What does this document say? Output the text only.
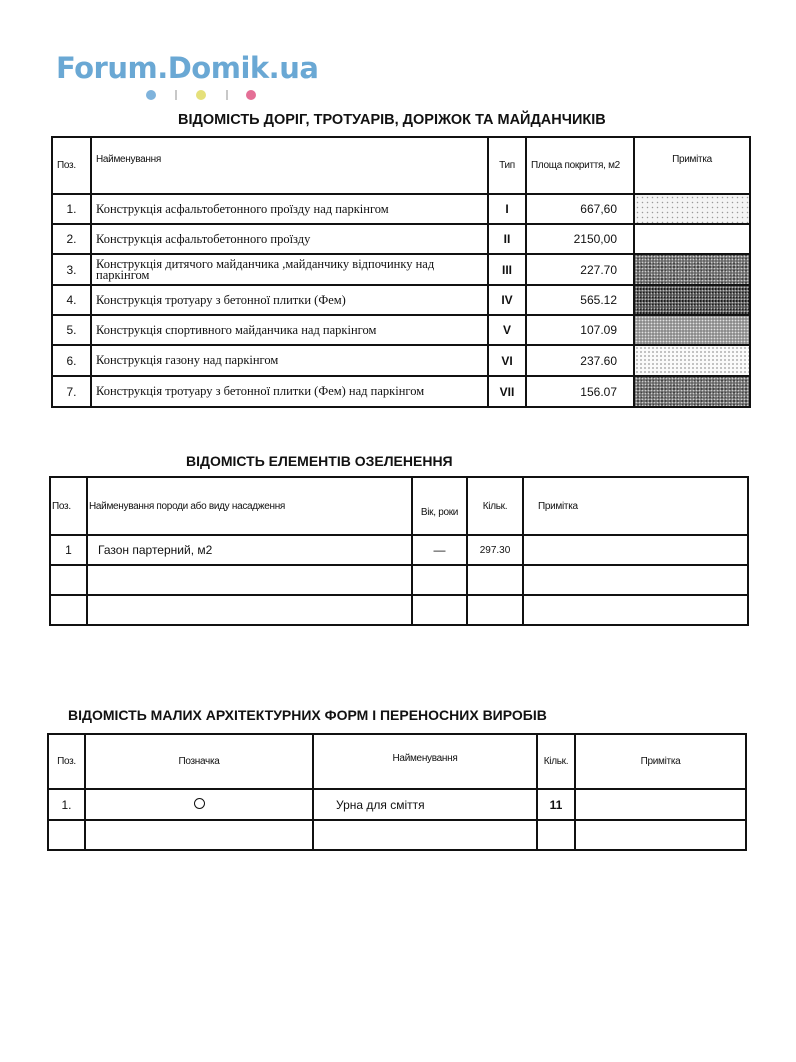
Forum.Domik.ua
ВІДОМІСТЬ ДОРІГ, ТРОТУАРІВ, ДОРІЖОК ТА МАЙДАНЧИКІВ
Поз.	Найменування	Тип	Площа покриття, м2	Примітка
1.	Конструкція асфальтобетонного проїзду над паркінгом	I	667,60	
2.	Конструкція асфальтобетонного проїзду	II	2150,00	
3.	Конструкція дитячого майданчика ,майданчику відпочинку над паркінгом	III	227.70	
4.	Конструкція тротуару з бетонної плитки (Фем)	IV	565.12	
5.	Конструкція спортивного майданчика над паркінгом	V	107.09	
6.	Конструкція газону над паркінгом	VI	237.60	
7.	Конструкція тротуару з бетонної плитки (Фем) над паркінгом	VII	156.07	
ВІДОМІСТЬ ЕЛЕМЕНТІВ ОЗЕЛЕНЕННЯ
Поз.	Найменування породи або виду насадження	Вік, роки	Кільк.	Примітка
1	Газон партерний, м2	—	297.30	

ВІДОМІСТЬ МАЛИХ АРХІТЕКТУРНИХ ФОРМ І ПЕРЕНОСНИХ ВИРОБІВ
Поз.	Позначка	Найменування	Кільк.	Примітка
1.		Урна для сміття	11	
